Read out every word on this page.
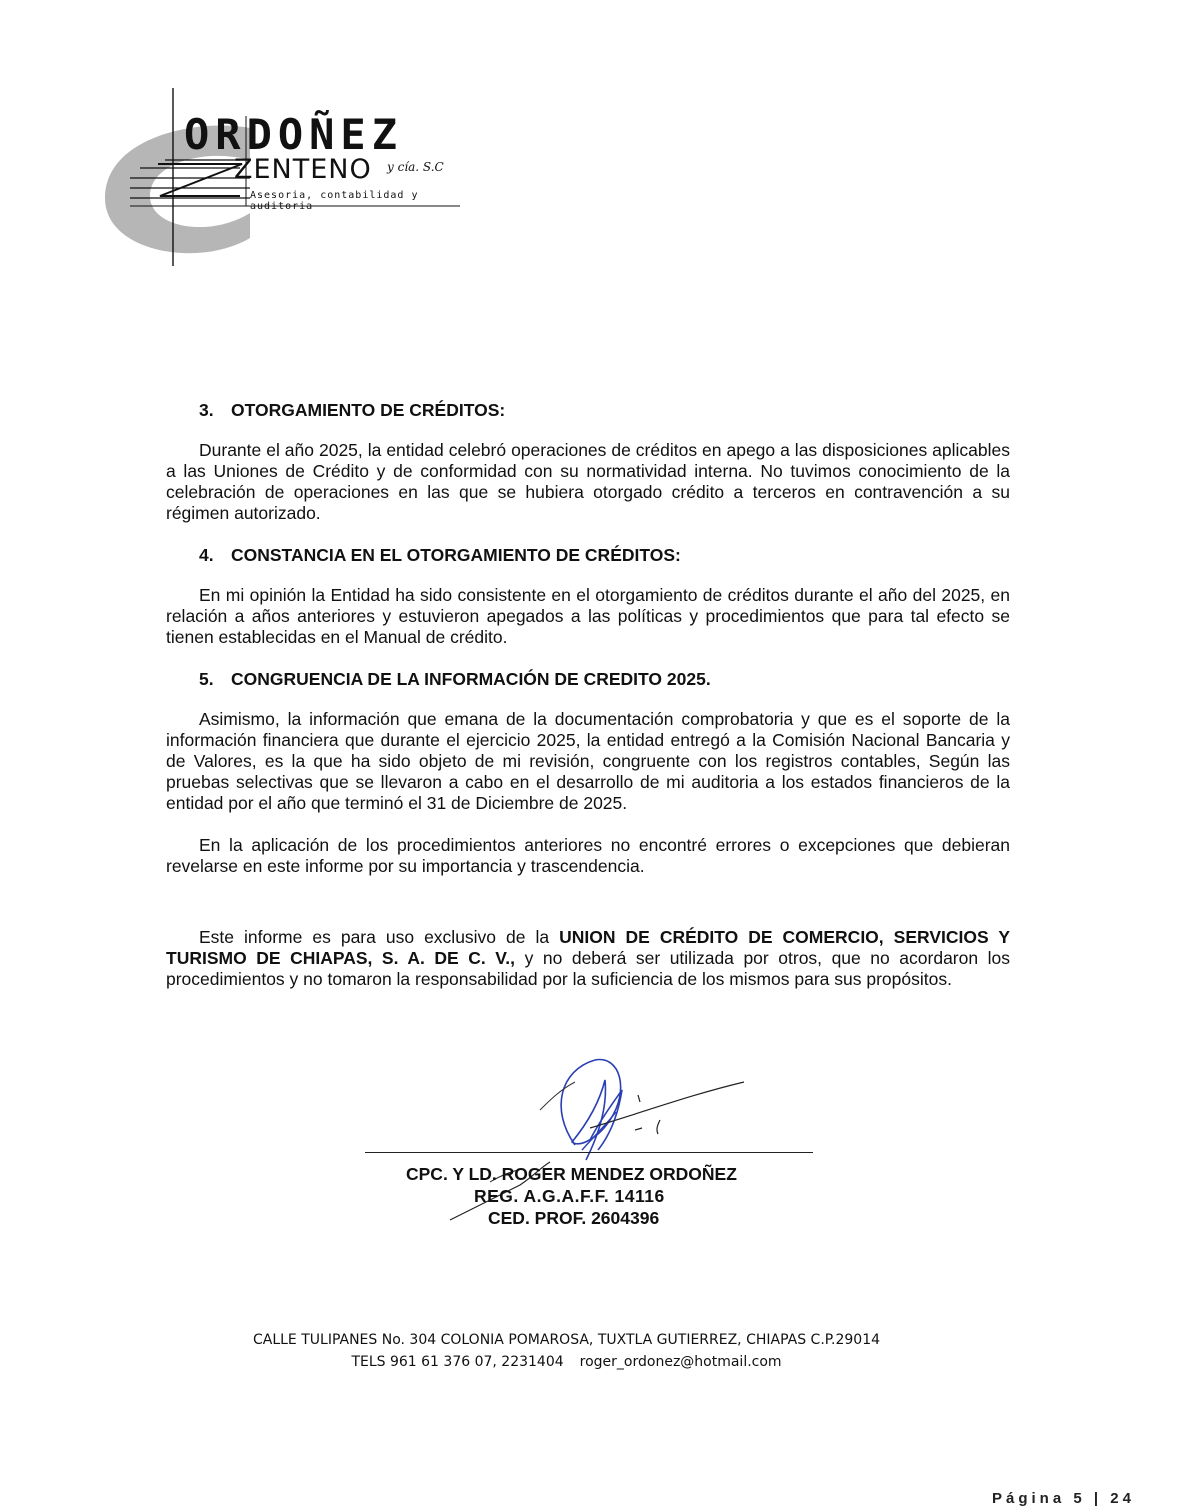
ORDOÑEZ
ZENTENO y cía. S.C
Asesoria, contabilidad y auditoria
3. OTORGAMIENTO DE CRÉDITOS:

Durante el año 2025, la entidad celebró operaciones de créditos en apego a las disposiciones aplicables a las Uniones de Crédito y de conformidad con su normatividad interna. No tuvimos conocimiento de la celebración de operaciones en las que se hubiera otorgado crédito a terceros en contravención a su régimen autorizado.

4. CONSTANCIA EN EL OTORGAMIENTO DE CRÉDITOS:

En mi opinión la Entidad ha sido consistente en el otorgamiento de créditos durante el año del 2025, en relación a años anteriores y estuvieron apegados a las políticas y procedimientos que para tal efecto se tienen establecidas en el Manual de crédito.

5. CONGRUENCIA DE LA INFORMACIÓN DE CREDITO 2025.

Asimismo, la información que emana de la documentación comprobatoria y que es el soporte de la información financiera que durante el ejercicio 2025, la entidad entregó a la Comisión Nacional Bancaria y de Valores, es la que ha sido objeto de mi revisión, congruente con los registros contables, Según las pruebas selectivas que se llevaron a cabo en el desarrollo de mi auditoria a los estados financieros de la entidad por el año que terminó el 31 de Diciembre de 2025.

En la aplicación de los procedimientos anteriores no encontré errores o excepciones que debieran revelarse en este informe por su importancia y trascendencia.

Este informe es para uso exclusivo de la UNION DE CRÉDITO DE COMERCIO, SERVICIOS Y TURISMO DE CHIAPAS, S. A. DE C. V., y no deberá ser utilizada por otros, que no acordaron los procedimientos y no tomaron la responsabilidad por la suficiencia de los mismos para sus propósitos.

CPC. Y LD. ROGER MENDEZ ORDOÑEZ
REG. A.G.A.F.F. 14116
CED. PROF. 2604396
CALLE TULIPANES No. 304 COLONIA POMAROSA, TUXTLA GUTIERREZ, CHIAPAS C.P.29014
TELS 961 61 376 07, 2231404 roger_ordonez@hotmail.com
Página 5 | 24
